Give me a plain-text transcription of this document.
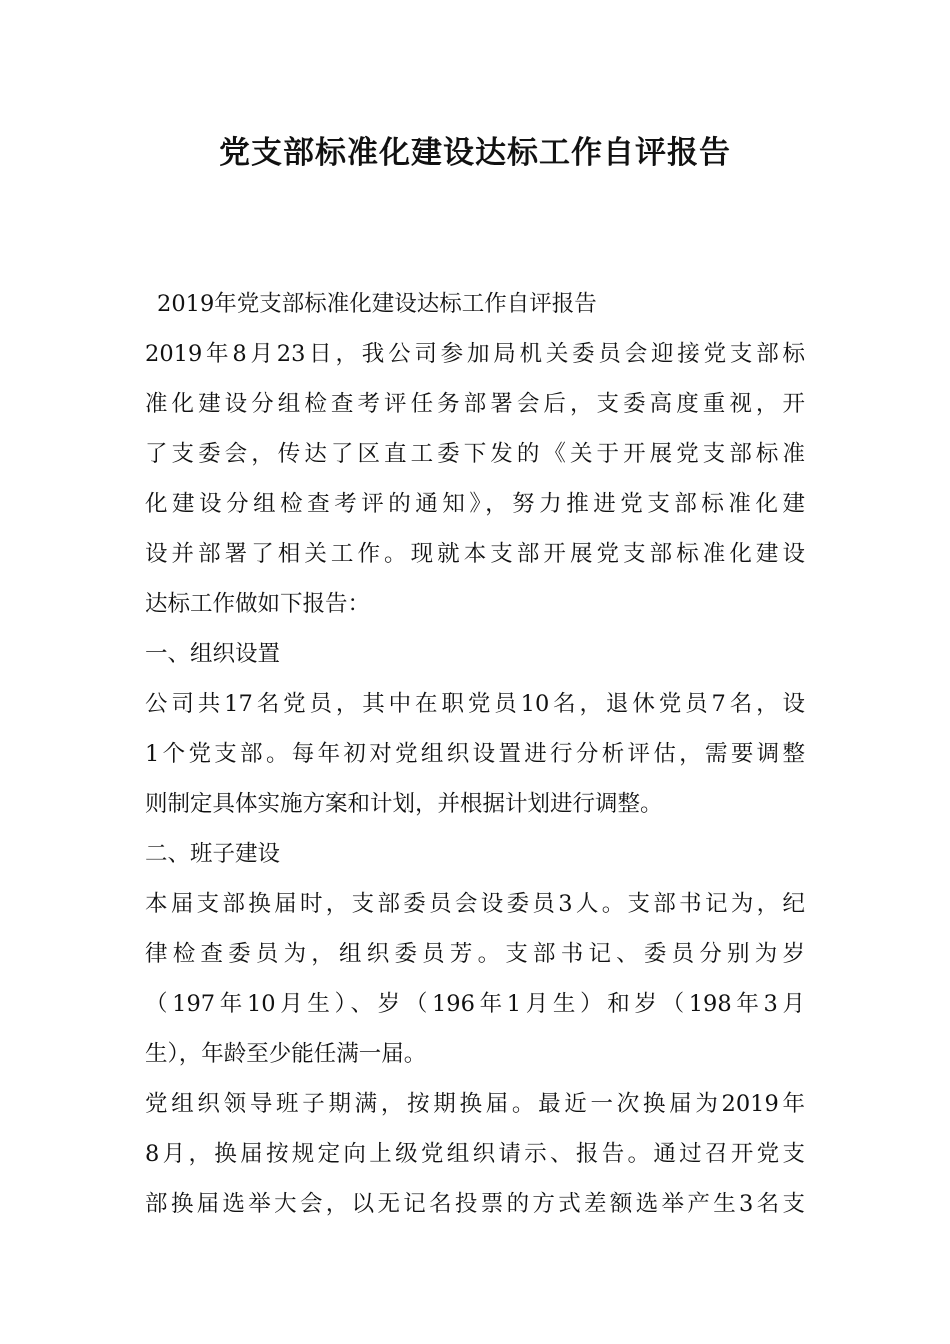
党支部标准化建设达标工作自评报告
2019年党支部标准化建设达标工作自评报告
2019年8月23日，我公司参加局机关委员会迎接党支部标
准化建设分组检查考评任务部署会后，支委高度重视，开
了支委会，传达了区直工委下发的《关于开展党支部标准
化建设分组检查考评的通知》，努力推进党支部标准化建
设并部署了相关工作。现就本支部开展党支部标准化建设
达标工作做如下报告：
一、组织设置
公司共17名党员，其中在职党员10名，退休党员7名，设
1个党支部。每年初对党组织设置进行分析评估，需要调整
则制定具体实施方案和计划，并根据计划进行调整。
二、班子建设
本届支部换届时，支部委员会设委员3人。支部书记为，纪
律检查委员为，组织委员芳。支部书记、委员分别为岁
（197年10月生）、岁（196年1月生）和岁（198年3月
生），年龄至少能任满一届。
党组织领导班子期满，按期换届。最近一次换届为2019年
8月，换届按规定向上级党组织请示、报告。通过召开党支
部换届选举大会，以无记名投票的方式差额选举产生3名支
